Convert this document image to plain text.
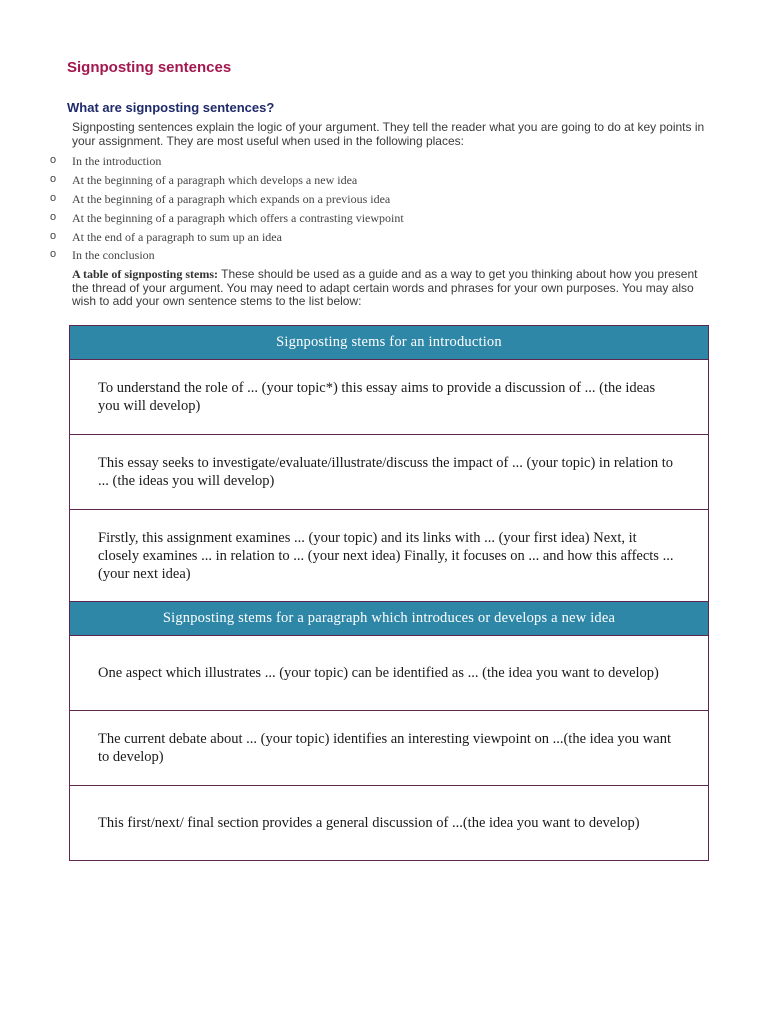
Signposting sentences
What are signposting sentences?

Signposting sentences explain the logic of your argument. They tell the reader what you are going to do at key points in your assignment. They are most useful when used in the following places:

o In the introduction
o At the beginning of a paragraph which develops a new idea
o At the beginning of a paragraph which expands on a previous idea
o At the beginning of a paragraph which offers a contrasting viewpoint
o At the end of a paragraph to sum up an idea
o In the conclusion

A table of signposting stems: These should be used as a guide and as a way to get you thinking about how you present the thread of your argument. You may need to adapt certain words and phrases for your own purposes. You may also wish to add your own sentence stems to the list below:

Signposting stems for an introduction
To understand the role of ... (your topic*) this essay aims to provide a discussion of ... (the ideas you will develop)
This essay seeks to investigate/evaluate/illustrate/discuss the impact of ... (your topic) in relation to ... (the ideas you will develop)
Firstly, this assignment examines ... (your topic) and its links with ... (your first idea) Next, it closely examines ... in relation to ... (your next idea) Finally, it focuses on ... and how this affects ...(your next idea)
Signposting stems for a paragraph which introduces or develops a new idea
One aspect which illustrates ... (your topic) can be identified as ... (the idea you want to develop)
The current debate about ... (your topic) identifies an interesting viewpoint on ...(the idea you want to develop)
This first/next/ final section provides a general discussion of ...(the idea you want to develop)
